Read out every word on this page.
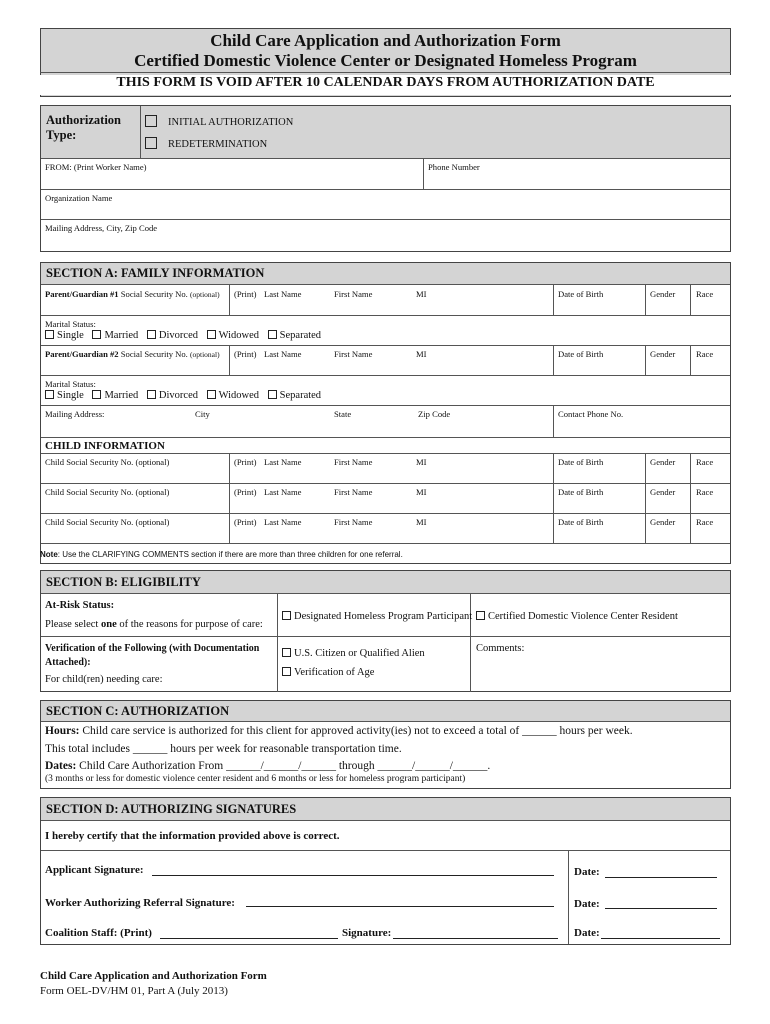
Child Care Application and Authorization Form
Certified Domestic Violence Center or Designated Homeless Program
THIS FORM IS VOID AFTER 10 CALENDAR DAYS FROM AUTHORIZATION DATE
Authorization Type:
INITIAL AUTHORIZATION
REDETERMINATION
FROM: (Print Worker Name)	Phone Number
Organization Name
Mailing Address, City, Zip Code
SECTION A: FAMILY INFORMATION
Parent/Guardian #1 Social Security No. (optional) (Print) Last Name	First Name	MI	Date of Birth	Gender Race
Marital Status:
Single Married Divorced Widowed Separated
Parent/Guardian #2 Social Security No. (optional) (Print) Last Name	First Name	MI	Date of Birth	Gender Race
Marital Status:
Single Married Divorced Widowed Separated
Mailing Address:	City	State	Zip Code	Contact Phone No.
CHILD INFORMATION
Child Social Security No. (optional)	(Print) Last Name	First Name	MI	Date of Birth	Gender Race
Child Social Security No. (optional)	(Print) Last Name	First Name	MI	Date of Birth	Gender Race
Child Social Security No. (optional)	(Print) Last Name	First Name	MI	Date of Birth	Gender Race
Note: Use the CLARIFYING COMMENTS section if there are more than three children for one referral.
SECTION B: ELIGIBILITY
At-Risk Status:
Please select one of the reasons for purpose of care:
Designated Homeless Program Participant	Certified Domestic Violence Center Resident
Verification of the Following (with Documentation Attached):
For child(ren) needing care:
U.S. Citizen or Qualified Alien
Verification of Age
Comments:
SECTION C: AUTHORIZATION
Hours: Child care service is authorized for this client for approved activity(ies) not to exceed a total of ______ hours per week.
This total includes ______ hours per week for reasonable transportation time.
Dates: Child Care Authorization From ______/______/______ through ______/______/______.
(3 months or less for domestic violence center resident and 6 months or less for homeless program participant)
SECTION D: AUTHORIZING SIGNATURES
I hereby certify that the information provided above is correct.
Applicant Signature:	Date:
Worker Authorizing Referral Signature:	Date:
Coalition Staff: (Print)	Signature:	Date:
Child Care Application and Authorization Form
Form OEL-DV/HM 01, Part A (July 2013)
